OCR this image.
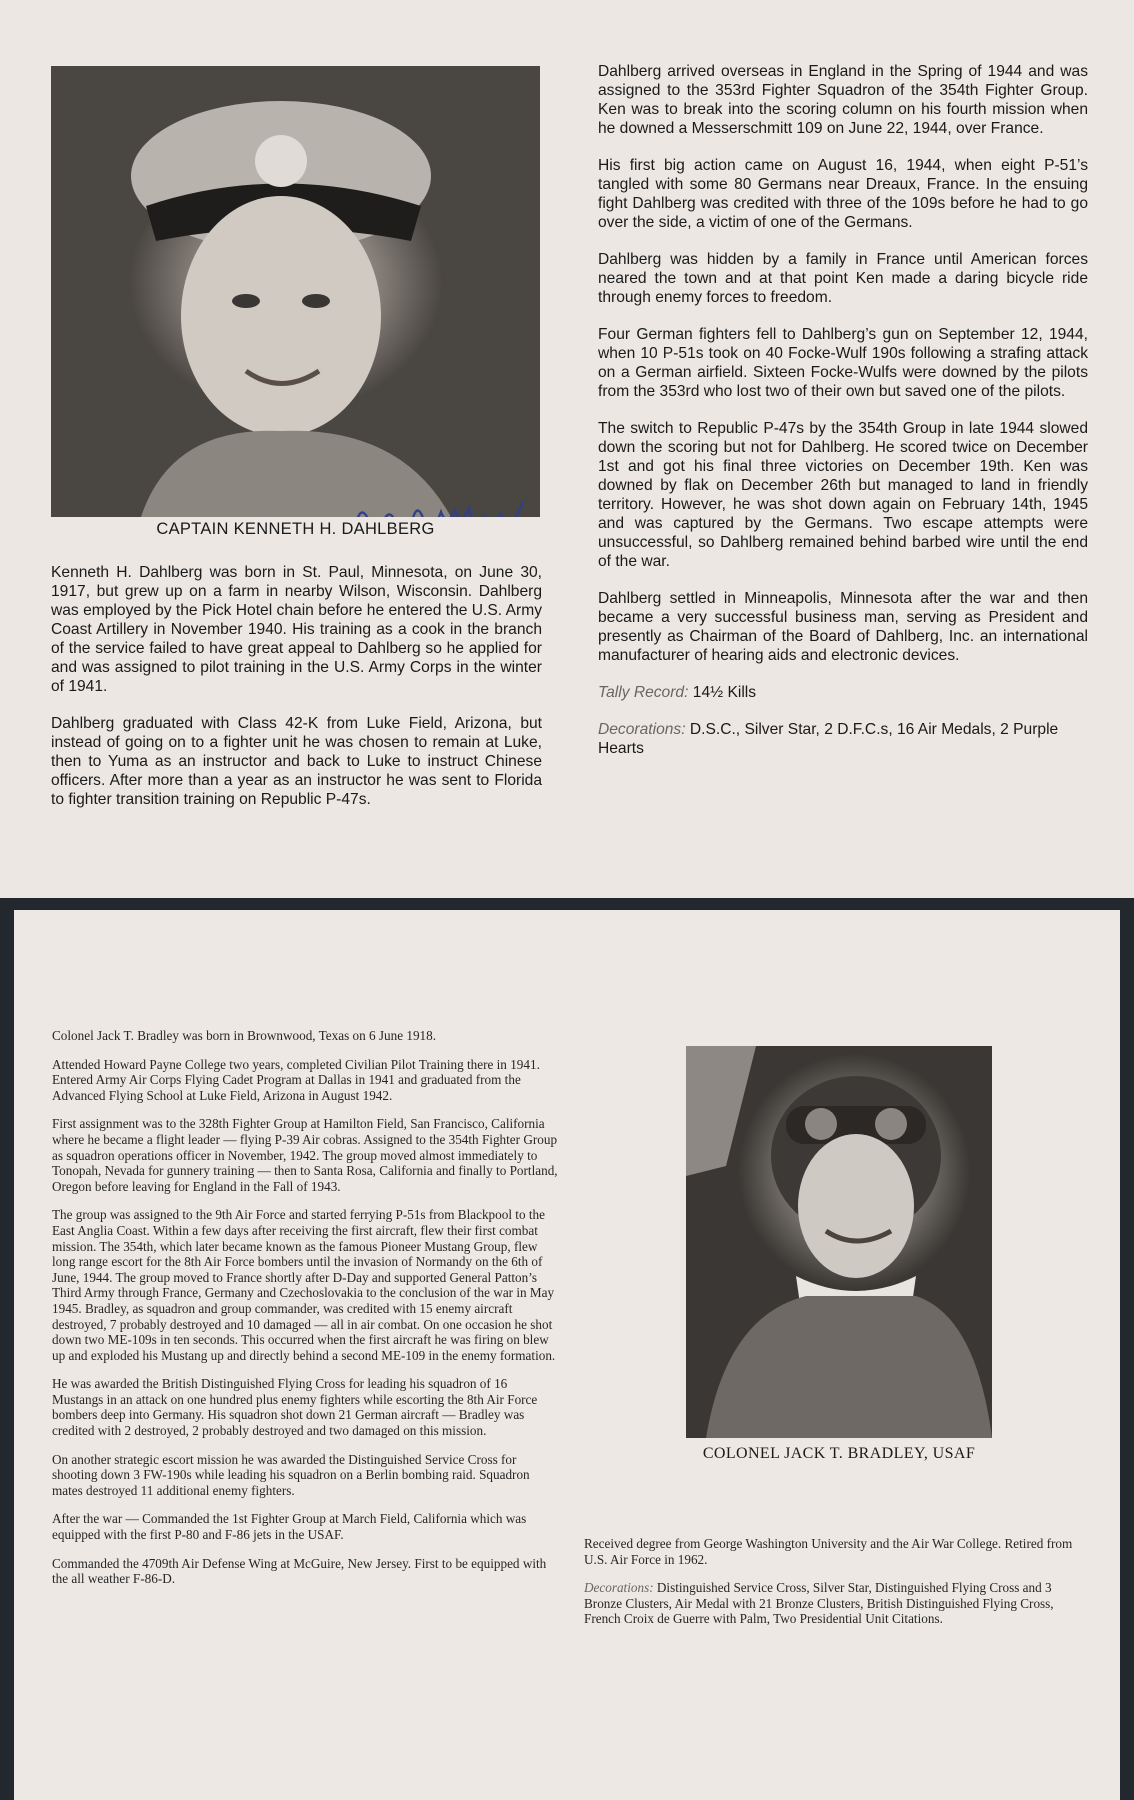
CAPTAIN KENNETH H. DAHLBERG

Kenneth H. Dahlberg was born in St. Paul, Minnesota, on June 30, 1917, but grew up on a farm in nearby Wilson, Wisconsin. Dahlberg was employed by the Pick Hotel chain before he entered the U.S. Army Coast Artillery in November 1940. His training as a cook in the branch of the service failed to have great appeal to Dahlberg so he applied for and was assigned to pilot training in the U.S. Army Corps in the winter of 1941.

Dahlberg graduated with Class 42-K from Luke Field, Arizona, but instead of going on to a fighter unit he was chosen to remain at Luke, then to Yuma as an instructor and back to Luke to instruct Chinese officers. After more than a year as an instructor he was sent to Florida to fighter transition training on Republic P-47s.

Dahlberg arrived overseas in England in the Spring of 1944 and was assigned to the 353rd Fighter Squadron of the 354th Fighter Group. Ken was to break into the scoring column on his fourth mission when he downed a Messerschmitt 109 on June 22, 1944, over France.

His first big action came on August 16, 1944, when eight P-51’s tangled with some 80 Germans near Dreaux, France. In the ensuing fight Dahlberg was credited with three of the 109s before he had to go over the side, a victim of one of the Germans.

Dahlberg was hidden by a family in France until American forces neared the town and at that point Ken made a daring bicycle ride through enemy forces to freedom.

Four German fighters fell to Dahlberg’s gun on September 12, 1944, when 10 P-51s took on 40 Focke-Wulf 190s following a strafing attack on a German airfield. Sixteen Focke-Wulfs were downed by the pilots from the 353rd who lost two of their own but saved one of the pilots.

The switch to Republic P-47s by the 354th Group in late 1944 slowed down the scoring but not for Dahlberg. He scored twice on December 1st and got his final three victories on December 19th. Ken was downed by flak on December 26th but managed to land in friendly territory. However, he was shot down again on February 14th, 1945 and was captured by the Germans. Two escape attempts were unsuccessful, so Dahlberg remained behind barbed wire until the end of the war.

Dahlberg settled in Minneapolis, Minnesota after the war and then became a very successful business man, serving as President and presently as Chairman of the Board of Dahlberg, Inc. an international manufacturer of hearing aids and electronic devices.

Tally Record: 14½ Kills

Decorations: D.S.C., Silver Star, 2 D.F.C.s, 16 Air Medals, 2 Purple Hearts

Colonel Jack T. Bradley was born in Brownwood, Texas on 6 June 1918.

Attended Howard Payne College two years, completed Civilian Pilot Training there in 1941. Entered Army Air Corps Flying Cadet Program at Dallas in 1941 and graduated from the Advanced Flying School at Luke Field, Arizona in August 1942.

First assignment was to the 328th Fighter Group at Hamilton Field, San Francisco, California where he became a flight leader — flying P-39 Air cobras. Assigned to the 354th Fighter Group as squadron operations officer in November, 1942. The group moved almost immediately to Tonopah, Nevada for gunnery training — then to Santa Rosa, California and finally to Portland, Oregon before leaving for England in the Fall of 1943.

The group was assigned to the 9th Air Force and started ferrying P-51s from Blackpool to the East Anglia Coast. Within a few days after receiving the first aircraft, flew their first combat mission. The 354th, which later became known as the famous Pioneer Mustang Group, flew long range escort for the 8th Air Force bombers until the invasion of Normandy on the 6th of June, 1944. The group moved to France shortly after D-Day and supported General Patton’s Third Army through France, Germany and Czechoslovakia to the conclusion of the war in May 1945. Bradley, as squadron and group commander, was credited with 15 enemy aircraft destroyed, 7 probably destroyed and 10 damaged — all in air combat. On one occasion he shot down two ME-109s in ten seconds. This occurred when the first aircraft he was firing on blew up and exploded his Mustang up and directly behind a second ME-109 in the enemy formation.

He was awarded the British Distinguished Flying Cross for leading his squadron of 16 Mustangs in an attack on one hundred plus enemy fighters while escorting the 8th Air Force bombers deep into Germany. His squadron shot down 21 German aircraft — Bradley was credited with 2 destroyed, 2 probably destroyed and two damaged on this mission.

On another strategic escort mission he was awarded the Distinguished Service Cross for shooting down 3 FW-190s while leading his squadron on a Berlin bombing raid. Squadron mates destroyed 11 additional enemy fighters.

After the war — Commanded the 1st Fighter Group at March Field, California which was equipped with the first P-80 and F-86 jets in the USAF.

Commanded the 4709th Air Defense Wing at McGuire, New Jersey. First to be equipped with the all weather F-86-D.

COLONEL JACK T. BRADLEY, USAF

Received degree from George Washington University and the Air War College. Retired from U.S. Air Force in 1962.

Decorations: Distinguished Service Cross, Silver Star, Distinguished Flying Cross and 3 Bronze Clusters, Air Medal with 21 Bronze Clusters, British Distinguished Flying Cross, French Croix de Guerre with Palm, Two Presidential Unit Citations.
